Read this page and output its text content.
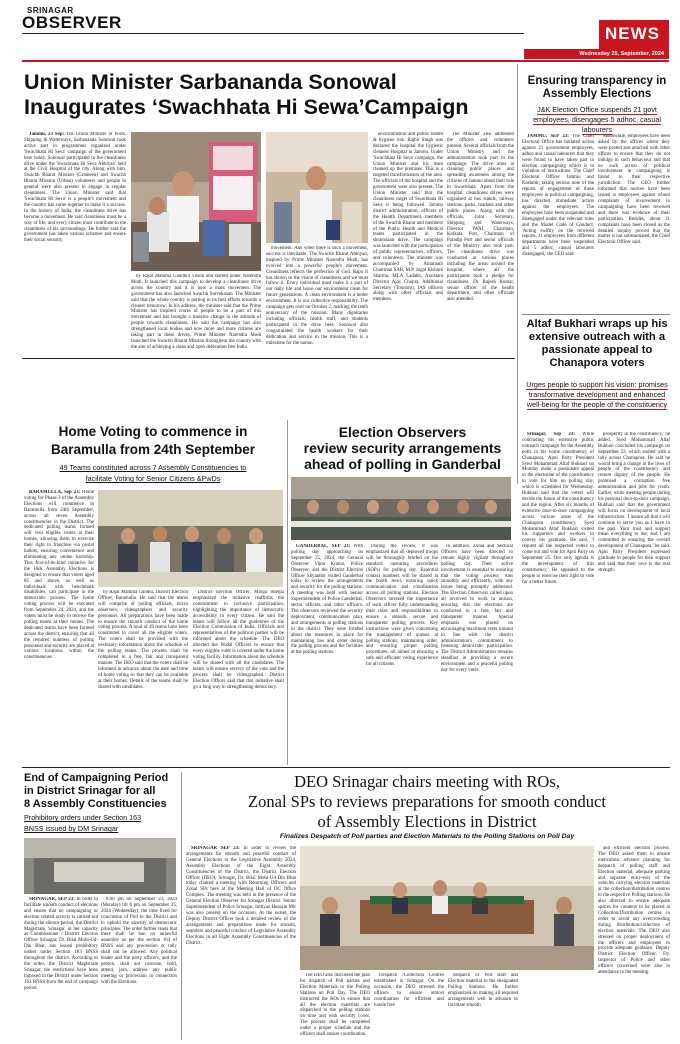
SRINAGAR
OBSERVER
NEWS
Wednesday 25, September, 2024
Union Minister Sarbananda Sonowal
Inaugurates ‘Swachhata Hi Sewa’Campaign

Jammu, 23 Sep: The Union Minister of Ports, Shipping & Waterways, Sarbananda Sonowal took active part in programmes organised under 'Swachhata Hi Seva' campaign of the government here today. Sonowal participated in the cleanliness drive under the 'Swachhata Hi Seva Abhiyan' held at the Civil Hospital of the city. Along with him, Swachh Bharat Mission (Grameen) and Swachh Bharat Mission (Urban) volunteers and people in general were also present to engage in regular cleanliness. The Union Minister said that 'Swachhata Hi Seva' is a people's movement and the country has come together to make it a success. In the history of India, the cleanliness drive has become a movement. He said cleanliness must be a way of life, and every citizen must contribute to the cleanliness of his surroundings. He further said the government has taken various schemes and ensure their social security.

by Rajat Mahima Gandhi's vision and started under Narendra Modi. It launched this campaign to develop a cleanliness drive across the country and it is now a mass movement. The government has also launched Swachh Survekshan. The Minister said that the whole country is putting in its best efforts towards a cleaner tomorrow. In his address, the minister said that the Prime Minister has inspired crores of people to be a part of this movement and has brought a massive change in the attitude of people towards cleanliness. He said the campaign has also strengthened local bodies and now more and more citizens are taking part in these drives. Prime Minister Narendra Modi launched the Swachh Bharat Mission throughout the country with the aim of achieving a clean and open defecation free India.

movement. And when there is such a movement, success is inevitable. The Swachh Bharat Abhiyan, inspired by Prime Minister Narendra Modi, has evolved into a powerful people's movement. Cleanliness reflects the perfection of God. Bapu Ji has shown us the vision of cleanliness and we must follow it. Every individual must make it a part of our daily life and leave our environment clean for future generations. A clean environment is a better environment. It is our collective responsibility. The campaign gets over on October 2, marking the tenth anniversary of the mission. Many dignitaries including officials, health staff, and students participated in the drive here. Sonowal also congratulated the health workers for their dedication and service in the mission. This is a milestone for the nation.

environmental and public health & hygiene risk. Rajbir Singh was declared the hospital the hygienic cleanest Hospital in Jammu. Under 'Swachhata Hi Seva' campaign, the Union Minister and his team cleaned up the premises. This is a targeted transformation of the area. The officials of the hospital and the government were also present. The Union Minister said that the cleanliness target of Swachhata Hi Seva is being followed. Jammu district administration, officers of the Health Department, members of the Swachh Bharat and members of the Public Health and Medical teams participated in the shramdaan drive. The campaign was launched with the participation of public representatives, officers, and volunteers. The minister was accompanied by Amarnath Chairman SAR, M.P. Jugal Kishore Sharma, MLA Ladakh, Assistant Director Ajay Chopra, Additional Secretary (Tourism), IAS officers along with other officials and members.

The Minister also addressed the officers and volunteers present. Several officials from the Union Ministry and the administration took part in the campaign. The drive aims at cleaning public places and spreading awareness among the citizens of Jammu about their role in Swachhata. Apart from the hospital, cleanliness drives were organised at bus stands, railway stations, parks, markets and other public places. Along with the officials, Joint Secretary, Shipping and Waterways, Director IWAI, Chairman, Kolkata Port, Chairman of Paradip Port and senior officials of the Ministry also took part. The cleanliness drive was conducted at various places including the areas around the hospital, where all the participants took a pledge for cleanliness. Dr. Rajesh Kumar, senior officer of the health department, and other officials also attended.

Ensuring transparency in Assembly Elections
J&K Election Office suspends 21 govt employees, disengages 5 adhoc, casual labourers

JAMMU, SEP 23: The Chief Electoral Office has initiated action against 21 government employees, adhoc and casual labourers that they were found to have taken part in election campaigning which is in violation of instructions. The Chief Electoral Officer Jammu and Kashmir, taking serious note of the reports of engagement of these employees in political campaigning, has directed immediate action against the employees. The employees have been suspended and disengaged under the relevant rules and the Model Code of Conduct. 'Acting swiftly on the received reports, 21 employees from different departments have been suspended and 5 adhoc, casual labourers disengaged,' the CEO said.

Meanwhile, employees have been asked by the offices where they were posted and attached with other offices to ensure that they do not indulge in such behaviour and that no such action of political involvement in campaigning is found in their respective jurisdiction. The CEO further informed that notices have been issued to employees against whom complaints of involvement in campaigning have been received and there was evidence of their participation. Besides, about 31 complaints have been closed as the detailed inquiry proved that the matter is not substantiated, the Chief Electoral Officer said.

Altaf Bukhari wraps up his extensive outreach with a passionate appeal to Chanapora voters
Urges people to support his vision: promises transformative development and enhanced well-being for the people of the constituency

Srinagar, Sep 23: While concluding his extensive public outreach campaign for the Assembly polls in his home constituency of Chanapora, Apni Party President Syed Mohammad Altaf Bukhari on Monday made a passionate appeal to the electorate of the constituency to vote for him on polling day, which is scheduled for Wednesday. Bukhari said that the voters will decide the future of the constituency and the region. After six months of extensive door-to-door campaigning across various areas of the Chanapora constituency, Syed Mohammad Altaf Bukhari visited his supporters and workers to convey his gratitude. He said, 'I request all the respected voters to come out and vote for Apni Party on September 25. Our only agenda is the development of this constituency.' He appealed to the people to exercise their right to vote for a better future.

prosperity in the constituency,' he added. Syed Mohammad Altaf Bukhari concluded his campaign on September 23, which started with a rally across Chanapora. He said he would bring a change in the lives of people of the constituency and restore dignity of the people. He promised a corruption free administration and jobs for youth. Earlier, while meeting people during his personal door-to-door campaign, Bukhari said that the government will focus on development of local infrastructure. 'I assure all that I will continue to serve you as I have in the past. Your trust and support mean everything to me, and I am committed to ensuring the overall development of Chanapora,' he said. Apni Party President expressed gratitude to people for their support and said that their love is the real strength.

Home Voting to commence in
Baramulla from 24th September
49 Teams constituted across 7 Assembly Constituencies to
facilitate Voting for Senior Citizens &PwDs

BARAMULLA, Sep 23: Home voting for Phase-3 of the Assembly Elections will commence in Baramulla from 24th September, across all seven Assembly constituencies in the District. The dedicated polling teams formed will visit eligible voters at their homes, allowing them to exercise their right to franchise via postal ballots, ensuring convenience and eliminating any undue hardship. This first-of-its-kind initiative for the J&K Assembly Elections is designed to ensure that voters aged 85 and above, as well as individuals with benchmark disabilities, can participate in the democratic process. The home voting process will be executed from September 24, 2024, and the voters must be ready to receive the polling teams at their homes. The dedicated teams have been formed across the district, ensuring that all the required numbers of polling personnel and security are placed at various locations within the constituencies.

by Rajat Mahima Gandhi, District Election Officer, Baramulla. He said that the teams will comprise of polling officials, micro observers, videographers and security personnel. All preparations have been made to ensure the smooth conduct of the home voting process. A total of 49 teams have been constituted to cover all the eligible voters. The voters shall be provided with the necessary information about the schedule of the polling teams. The process shall be completed in a free, fair and transparent manner. The DEO said that the voters shall be informed in advance about the date and time of home voting so that they can be available at their homes. Details of the teams shall be shared with candidates.

District Election Officer, Minga Sherpa emphasized the initiative reaffirms the commitment to inclusive participation, highlighting the importance of democratic accessibility to every citizen. He said the teams will follow all the guidelines of the Election Commission of India. Officials and representatives of the political parties will be informed about the schedule. The DEO directed the Nodal Officers to ensure that every eligible voter is covered under the home voting facility. Information about the schedule will be shared with all the candidates. The teams will ensure secrecy of the vote and the process shall be videographed. District Election Officer said that this initiative shall go a long way in strengthening democracy.

Election Observers
review security arrangements
ahead of polling in Ganderbal

GANDERBAL, SEP 23: With polling day approaching on September 25, 2024, the General Observer Vipin Kumar, Police Observer, and the District Election Officer Shyambir visited Ganderbal today to review the arrangements and security for the polling stations. A meeting was held with Senior Superintendent of Police Ganderbal, sector officers, and other officers. The observers reviewed the security deployment, communication plan, and arrangements at polling stations in the district. They were briefed about the measures in place for maintaining law and order during the polling process and the facilities at the polling stations.

During the review, it was emphasized that all deployed troops will be thoroughly briefed on the standard operating procedures (SOPs) for polling day. Essential contact numbers will be shared at the booth level, ensuring quick communication and coordination across all polling stations. Election Observers stressed the importance of each officer fully understanding their roles and responsibilities to ensure a smooth, secure and transparent polling process. Key instructions were given concerning the management of queues at polling stations, maintaining order, and ensuring proper polling procedures, all aimed at ensuring a safe and efficient voting experience for all citizens.

In addition, Zonal and Sectoral Officers have been directed to remain highly vigilant throughout polling day. Their active involvement is essential to ensuring that the voting process runs smoothly and efficiently, with any issues being promptly addressed. The Election Observers called upon all involved to work in unison, ensuring that the elections are conducted in a free, fair and transparent manner. Special emphasis was placed on encouraging maximum voter turnout in line with the district administration's commitment to fostering democratic participation. The District Administration remains steadfast in providing a secure environment and a peaceful polling day for every voter.

End of Campaigning Period
in District Srinagar for all
8 Assembly Constituencies
Prohibitory orders under Section 163
BNSS issued by DM Srinagar

SRINAGAR, SEP 23: In order to facilitate smooth conduct of elections and ensure that no campaigning or election related activity is carried out during the silence period, the District Magistrate, Srinagar, in her capacity as Commissioner / District Election Officer Srinagar, Dr. Bilal Mohi-Ud-Din Bhat, has issued prohibitory orders under Section 163 BNSS throughout the district. According to the order, the District Magistrate Srinagar, the restrictions have been imposed in the District under Section 163 BNSS from the end of campaign period.

8.00 pm on September 23, 2024 (Monday) till 6 pm on September 25, 2024 (Wednesday), the time fixed for conclusion of Poll in the District and to uphold the sanctity of democratic principles. The order further reads that there shall be ban on unlawful assembly as per the section 163 of BNSS and any procession or rally shall not be allowed. Any political leader and the party officers, and the person, shall not convene, hold, attend, join, address any public meeting or procession in connection with the Elections.

DEO Srinagar chairs meeting with ROs,
Zonal SPs to reviews preparations for smooth conduct
of Assembly Elections in District
Finalizes Despatch of Poll parties and Election Materials to the Polling Stations on Poll Day

SRINAGAR SEP 23: In order to review the arrangements for smooth and peaceful conduct of General Elections to the Legislative Assembly 2024, Assembly Elections of the Eight Assembly Constituencies of the District, the District Election Officer (DEO), Srinagar, Dr. Bilal Mohi-Ud-Din Bhat today chaired a meeting with Returning Officers and Zonal SPs here at the Meeting Hall of DC Office Complex. The meeting was held in the presence of the General Election Observer for Srinagar District. Senior Superintendent of Police Srinagar, Imtiyaz Hussain Mir was also present on the occasion. At the outset, the Deputy District Officer took a detailed review of the arrangements and preparations made for smooth, seamless and peaceful conduct of Legislative Assembly Elections in all Eight Assembly Constituencies of the District.

The DEO also discussed the plan for dispatch of Poll parties and Election Materials to the Polling Stations on Poll Day. The DEO instructed the ROs to ensure that all the election materials are dispatched to the polling stations on time and with security cover. The process shall be completed under a proper schedule and the officers shall ensure coordination.

Despatch /Collection Centres established in Srinagar. On the occasion, the DEO stressed the officers to ensure utmost coordination for efficient and hassle free

despatch of Poll staff and Election material to the designated Polling Stations. He further emphasized on making all required arrangements well in advance to facilitate smooth

and efficient election process. The DEO asked them to ensure meticulous advance planning for despatch of polling staff and Election material, adequate parking and separate entry-exit of the vehicles carrying election materials at the collection/distribution centres to the respective Polling stations. He also directed to ensure adequate spaces for counters to be placed at Collection/Distribution centres in order to avoid any overcrowding during distribution/collection of election materials. The DEO also stressed on proper deployment of the officers and employees to provide adequate guidance. Deputy District Election Officer, Dy. Inspector of Police and other officers concerned were also in attendance in the meeting.
